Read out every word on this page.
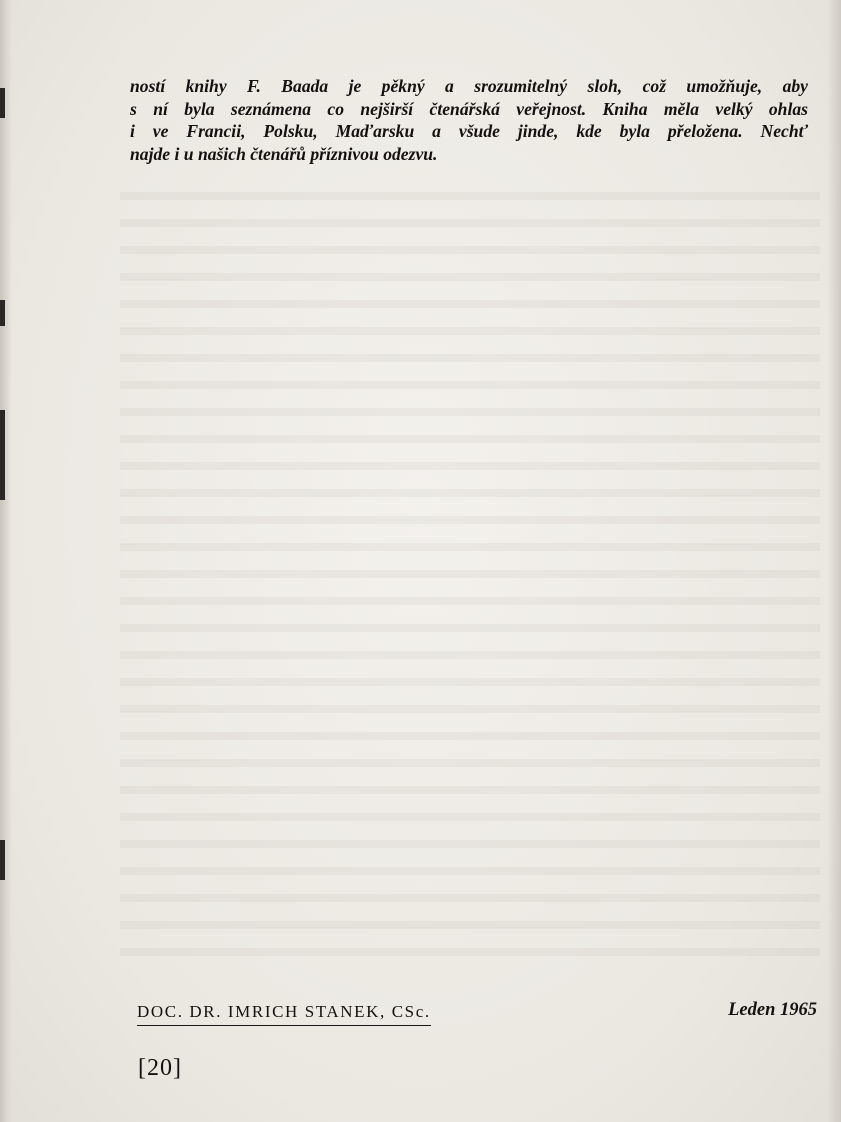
ností knihy F. Baada je pěkný a srozumitelný sloh, což umožňuje, aby
s ní byla seznámena co nejširší čtenářská veřejnost. Kniha měla velký ohlas
i ve Francii, Polsku, Maďarsku a všude jinde, kde byla přeložena. Nechť
najde i u našich čtenářů příznivou odezvu.
DOC. DR. IMRICH STANEK, CSc.	Leden 1965
[20]
